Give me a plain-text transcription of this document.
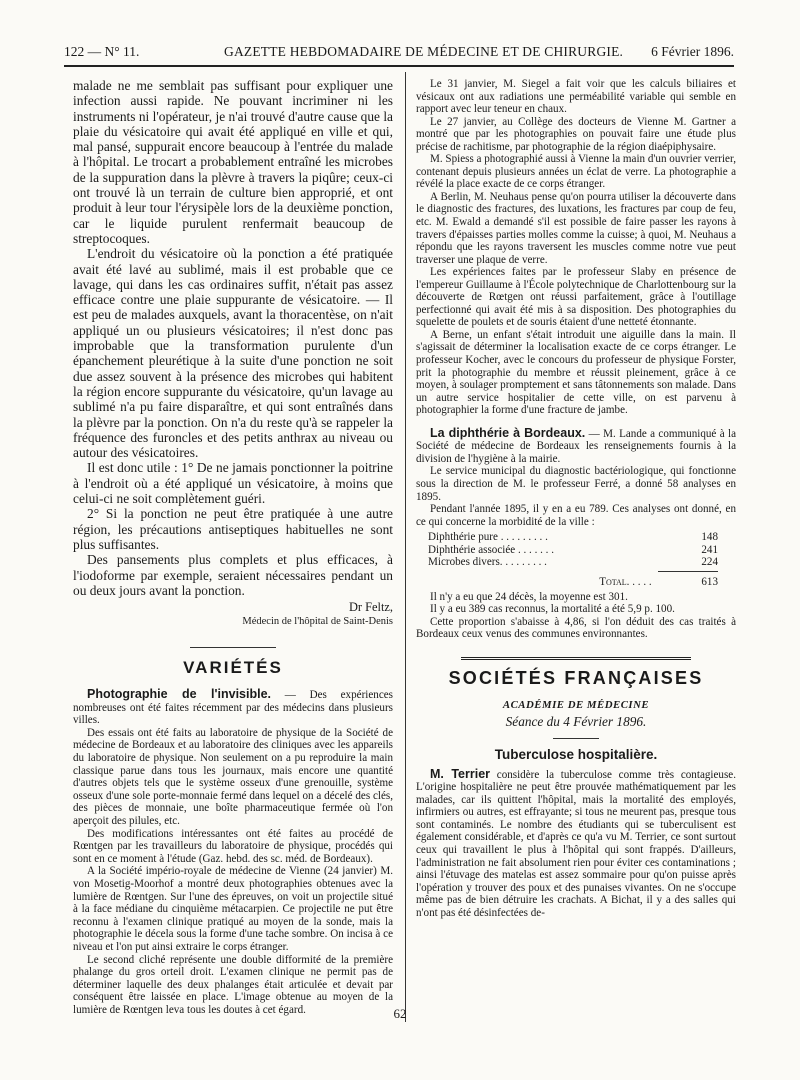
122 — N° 11.	GAZETTE HEBDOMADAIRE DE MÉDECINE ET DE CHIRURGIE. 6 Février 1896.

malade ne me semblait pas suffisant pour expliquer une infection aussi rapide. Ne pouvant incriminer ni les instruments ni l'opérateur, je n'ai trouvé d'autre cause que la plaie du vésicatoire qui avait été appliqué en ville et qui, mal pansé, suppurait encore beaucoup à l'entrée du malade à l'hôpital. Le trocart a probablement entraîné les microbes de la suppuration dans la plèvre à travers la piqûre; ceux-ci ont trouvé là un terrain de culture bien approprié, et ont produit à leur tour l'érysipèle lors de la deuxième ponction, car le liquide purulent renfermait beaucoup de streptocoques.

L'endroit du vésicatoire où la ponction a été pratiquée avait été lavé au sublimé, mais il est probable que ce lavage, qui dans les cas ordinaires suffit, n'était pas assez efficace contre une plaie suppurante de vésicatoire. — Il est peu de malades auxquels, avant la thoracentèse, on n'ait appliqué un ou plusieurs vésicatoires; il n'est donc pas improbable que la transformation purulente d'un épanchement pleurétique à la suite d'une ponction ne soit due assez souvent à la présence des microbes qui habitent la région encore suppurante du vésicatoire, qu'un lavage au sublimé n'a pu faire disparaître, et qui sont entraînés dans la plèvre par la ponction. On n'a du reste qu'à se rappeler la fréquence des furoncles et des petits anthrax au niveau ou autour des vésicatoires.

Il est donc utile : 1° De ne jamais ponctionner la poitrine à l'endroit où a été appliqué un vésicatoire, à moins que celui-ci ne soit complètement guéri.

2° Si la ponction ne peut être pratiquée à une autre région, les précautions antiseptiques habituelles ne sont plus suffisantes.

Des pansements plus complets et plus efficaces, à l'iodoforme par exemple, seraient nécessaires pendant un ou deux jours avant la ponction.

Dr Feltz,
Médecin de l'hôpital de Saint-Denis
VARIÉTÉS

Photographie de l'invisible. — Des expériences nombreuses ont été faites récemment par des médecins dans plusieurs villes.

Des essais ont été faits au laboratoire de physique de la Société de médecine de Bordeaux et au laboratoire des cliniques avec les appareils du laboratoire de physique. Non seulement on a pu reproduire la main classique parue dans tous les journaux, mais encore une quantité d'autres objets tels que le système osseux d'une grenouille, système osseux d'une sole porte-monnaie fermé dans lequel on a décelé des clés, des pièces de monnaie, une boîte pharmaceutique fermée où l'on aperçoit des pilules, etc.

Des modifications intéressantes ont été faites au procédé de Rœntgen par les travailleurs du laboratoire de physique, procédés qui sont en ce moment à l'étude (Gaz. hebd. des sc. méd. de Bordeaux).

A la Société império-royale de médecine de Vienne (24 janvier) M. von Mosetig-Moorhof a montré deux photographies obtenues avec la lumière de Rœntgen. Sur l'une des épreuves, on voit un projectile situé à la face médiane du cinquième métacarpien. Ce projectile ne put être reconnu à l'examen clinique pratiqué au moyen de la sonde, mais la photographie le décela sous la forme d'une tache sombre. On incisa à ce niveau et l'on put ainsi extraire le corps étranger.

Le second cliché représente une double difformité de la première phalange du gros orteil droit. L'examen clinique ne permit pas de déterminer laquelle des deux phalanges était articulée et devait par conséquent être laissée en place. L'image obtenue au moyen de la lumière de Rœntgen leva tous les doutes à cet égard.

Le 31 janvier, M. Siegel a fait voir que les calculs biliaires et vésicaux ont aux radiations une perméabilité variable qui semble en rapport avec leur teneur en chaux.

Le 27 janvier, au Collège des docteurs de Vienne M. Gartner a montré que par les photographies on pouvait faire une étude plus précise de rachitisme, par photographie de la région diaépiphysaire.

M. Spiess a photographié aussi à Vienne la main d'un ouvrier verrier, contenant depuis plusieurs années un éclat de verre. La photographie a révélé la place exacte de ce corps étranger.

A Berlin, M. Neuhaus pense qu'on pourra utiliser la découverte dans le diagnostic des fractures, des luxations, les fractures par coup de feu, etc. M. Ewald a demandé s'il est possible de faire passer les rayons à travers d'épaisses parties molles comme la cuisse; à quoi, M. Neuhaus a répondu que les rayons traversent les muscles comme notre vue peut traverser une plaque de verre.

Les expériences faites par le professeur Slaby en présence de l'empereur Guillaume à l'École polytechnique de Charlottenbourg sur la découverte de Rœtgen ont réussi parfaitement, grâce à l'outillage perfectionné qui avait été mis à sa disposition. Des photographies du squelette de poulets et de souris étaient d'une netteté étonnante.

A Berne, un enfant s'était introduit une aiguille dans la main. Il s'agissait de déterminer la localisation exacte de ce corps étranger. Le professeur Kocher, avec le concours du professeur de physique Forster, prit la photographie du membre et réussit pleinement, grâce à ce moyen, à soulager promptement et sans tâtonnements son malade. Dans un autre service hospitalier de cette ville, on est parvenu à photographier la forme d'une fracture de jambe.

La diphthérie à Bordeaux. — M. Lande a communiqué à la Société de médecine de Bordeaux les renseignements fournis à la division de l'hygiène à la mairie.

Le service municipal du diagnostic bactériologique, qui fonctionne sous la direction de M. le professeur Ferré, a donné 58 analyses en 1895.

Pendant l'année 1895, il y en a eu 789. Ces analyses ont donné, en ce qui concerne la morbidité de la ville :

Diphthérie pure . . . . . . . . .	148
Diphthérie associée . . . . . . .	241
Microbes divers. . . . . . . . .	224
Total. . . . .	613

Il n'y a eu que 24 décès, la moyenne est 301.

Il y a eu 389 cas reconnus, la mortalité a été 5,9 p. 100.

Cette proportion s'abaisse à 4,86, si l'on déduit des cas traités à Bordeaux ceux venus des communes environnantes.

SOCIÉTÉS FRANÇAISES
ACADÉMIE DE MÉDECINE
Séance du 4 Février 1896.
Tuberculose hospitalière.

M. Terrier considère la tuberculose comme très contagieuse. L'origine hospitalière ne peut être prouvée mathématiquement par les malades, car ils quittent l'hôpital, mais la mortalité des employés, infirmiers ou autres, est effrayante; si tous ne meurent pas, presque tous sont contaminés. Le nombre des étudiants qui se tuberculisent est également considérable, et d'après ce qu'a vu M. Terrier, ce sont surtout ceux qui travaillent le plus à l'hôpital qui sont frappés. D'ailleurs, l'administration ne fait absolument rien pour éviter ces contaminations ; ainsi l'étuvage des matelas est assez sommaire pour qu'on puisse après l'opération y trouver des poux et des punaises vivantes. On ne s'occupe même pas de bien détruire les crachats. A Bichat, il y a des salles qui n'ont pas été désinfectées de-

62
